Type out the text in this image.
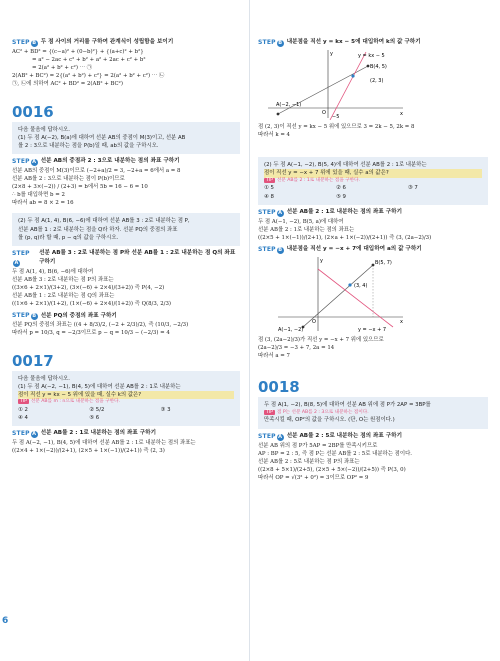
6
STEP B 두 점 사이의 거리를 구하여 관계식이 성립함을 보이기
AC² + BD² = {(c−a)² + (0−b)²} + {(a+c)² + b²}
= a² − 2ac + c² + b² + a² + 2ac + c² + b²
= 2(a² + b² + c²) ⋯ ㉠
2(AB² + BC²) = 2{(a² + b²) + c²} = 2(a² + b² + c²) ⋯ ㉡
㉠, ㉡에 의하여 AC² + BD² = 2(AB² + BC²)
0016
다음 물음에 답하시오.
(1) 두 점 A(−2), B(a)에 대하여 선분 AB의 중점이 M(3)이고, 선분 AB
를 2 : 3으로 내분하는 점을 P(b)일 때, ab의 값을 구하시오.
STEP A 선분 AB의 중점과 2 : 3으로 내분하는 점의 좌표 구하기
선분 AB의 중점이 M(3)이므로 (−2+a)/2 = 3, −2+a = 6에서 a = 8
선분 AB를 2 : 3으로 내분하는 점이 P(b)이므로
(2×8 + 3×(−2)) / (2+3) = b에서 5b = 16 − 6 = 10
∴ b를 대입하면 b = 2
따라서 ab = 8 × 2 = 16
(2) 두 점 A(1, 4), B(6, −6)에 대하여 선분 AB를 3 : 2로 내분하는 점 P,
선분 AB를 1 : 2로 내분하는 점을 Q라 하자. 선분 PQ의 중점의 좌표
를 (p, q)라 할 때, p − q의 값을 구하시오.
STEPA
선분 AB를 3 : 2로 내분하는 점 P와 선분 AB를 1 : 2로 내분하는 점 Q의 좌표 구하기
두 점 A(1, 4), B(6, −6)에 대하여
선분 AB를 3 : 2로 내분하는 점 P의 좌표는
((3×6 + 2×1)/(3+2), (3×(−6) + 2×4)/(3+2)) 즉 P(4, −2)
선분 AB를 1 : 2로 내분하는 점 Q의 좌표는
((1×6 + 2×1)/(1+2), (1×(−6) + 2×4)/(1+2)) 즉 Q(8/3, 2/3)
STEP B 선분 PQ의 중점의 좌표 구하기
선분 PQ의 중점의 좌표는 ((4 + 8/3)/2, (−2 + 2/3)/2), 즉 (10/3, −2/3)
따라서 p = 10/3, q = −2/3이므로 p − q = 10/3 − (−2/3) = 4
0017
다음 물음에 답하시오.
(1) 두 점 A(−2, −1), B(4, 5)에 대하여 선분 AB를 2 : 1로 내분하는
점이 직선 y = kx − 5 위에 있을 때, 실수 k의 값은?
TIP 선분 AB를 m : n으로 내분하는 점을 구한다.
① 2	② 5/2	③ 3
④ 4	⑤ 6
STEP A 선분 AB를 2 : 1로 내분하는 점의 좌표 구하기
두 점 A(−2, −1), B(4, 5)에 대하여 선분 AB를 2 : 1로 내분하는 점의 좌표는
((2×4 + 1×(−2))/(2+1), (2×5 + 1×(−1))/(2+1)) 즉 (2, 3)
STEP B 내분점을 직선 y = kx − 5에 대입하여 k의 값 구하기
y	y = kx − 5
B(4, 5)
(2, 3)
A(−2, −1)
O	x
−5
점 (2, 3)이 직선 y = kx − 5 위에 있으므로 3 = 2k − 5, 2k = 8
따라서 k = 4
(2) 두 점 A(−1, −2), B(5, 4)에 대하여 선분 AB를 2 : 1로 내분하는
점이 직선 y = −x + 7 위에 있을 때, 실수 a의 값은?
TIP 선분 AB를 2 : 1로 내분하는 점을 구한다.
① 5	② 6	③ 7
④ 8	⑤ 9
STEP A 선분 AB를 2 : 1로 내분하는 점의 좌표 구하기
두 점 A(−1, −2), B(5, a)에 대하여
선분 AB를 2 : 1로 내분하는 점의 좌표는
((2×5 + 1×(−1))/(2+1), (2×a + 1×(−2))/(2+1)) 즉 (3, (2a−2)/3)
STEP B 내분점을 직선 y = −x + 7에 대입하여 a의 값 구하기
y	B(5, 7)
(3, 4)
O	x
A(−1, −2)	y = −x + 7
점 (3, (2a−2)/3)가 직선 y = −x + 7 위에 있으므로
(2a−2)/3 = −3 + 7, 2a = 14
따라서 a = 7
0018
두 점 A(1, −2), B(8, 5)에 대하여 선분 AB 위에 점 P가 2AP = 3BP를
TIP 점 P는 선분 AB를 2 : 3으로 내분하는 점이다.
만족시킬 때, OP²의 값을 구하시오. (단, O는 원점이다.)
STEP A 선분 AB를 2 : 5로 내분하는 점의 좌표 구하기
선분 AB 위의 점 P가 5AP = 2BP를 만족시키므로
AP : BP = 2 : 5, 즉 점 P는 선분 AB를 2 : 5로 내분하는 점이다.
선분 AB를 2 : 5로 내분하는 점 P의 좌표는
((2×8 + 5×1)/(2+5), (2×5 + 5×(−2))/(2+5)) 즉 P(3, 0)
따라서 OP = √(3² + 0²) = 3이므로 OP² = 9
